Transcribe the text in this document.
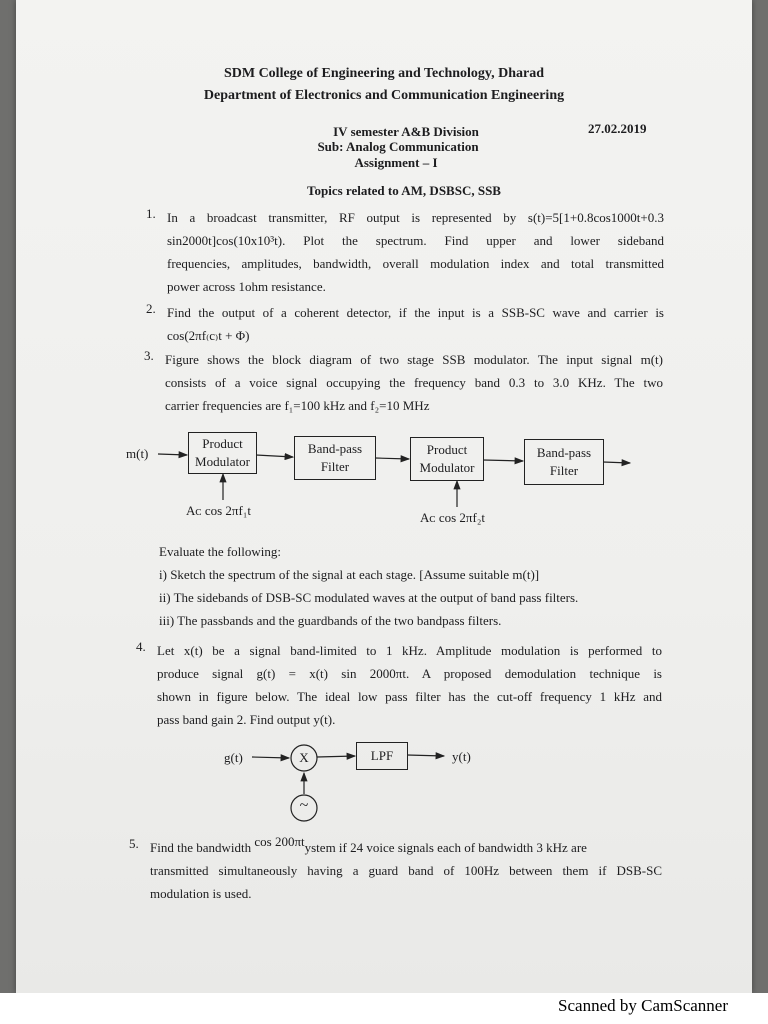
SDM College of Engineering and Technology, Dharad
Department of Electronics and Communication Engineering
IV semester A&B Division	27.02.2019
Sub: Analog Communication
Assignment – I
Topics related to AM, DSBSC, SSB
1. In a broadcast transmitter, RF output is represented by s(t)=5[1+0.8cos1000t+0.3
sin2000t]cos(10x10³t). Plot the spectrum. Find upper and lower sideband
frequencies, amplitudes, bandwidth, overall modulation index and total transmitted
power across 1ohm resistance.
2. Find the output of a coherent detector, if the input is a SSB-SC wave and carrier is
cos(2πf₍c₎t + Φ)
3. Figure shows the block diagram of two stage SSB modulator. The input signal m(t)
consists of a voice signal occupying the frequency band 0.3 to 3.0 KHz. The two
carrier frequencies are f₁=100 kHz and f₂=10 MHz
m(t)
Product
Modulator
Band-pass
Filter
Product
Modulator
Band-pass
Filter
Aᴄ cos 2πf₁t	Aᴄ cos 2πf₂t
Evaluate the following:
i) Sketch the spectrum of the signal at each stage. [Assume suitable m(t)]
ii) The sidebands of DSB-SC modulated waves at the output of band pass filters.
iii) The passbands and the guardbands of the two bandpass filters.
4. Let x(t) be a signal band-limited to 1 kHz. Amplitude modulation is performed to
produce signal g(t) = x(t) sin 2000πt. A proposed demodulation technique is
shown in figure below. The ideal low pass filter has the cut-off frequency 1 kHz and
pass band gain 2. Find output y(t).
g(t)	X	LPF	y(t)
~
5. Find the bandwidth cos 200πtystem if 24 voice signals each of bandwidth 3 kHz are
transmitted simultaneously having a guard band of 100Hz between them if DSB-SC
modulation is used.
Scanned by CamScanner
